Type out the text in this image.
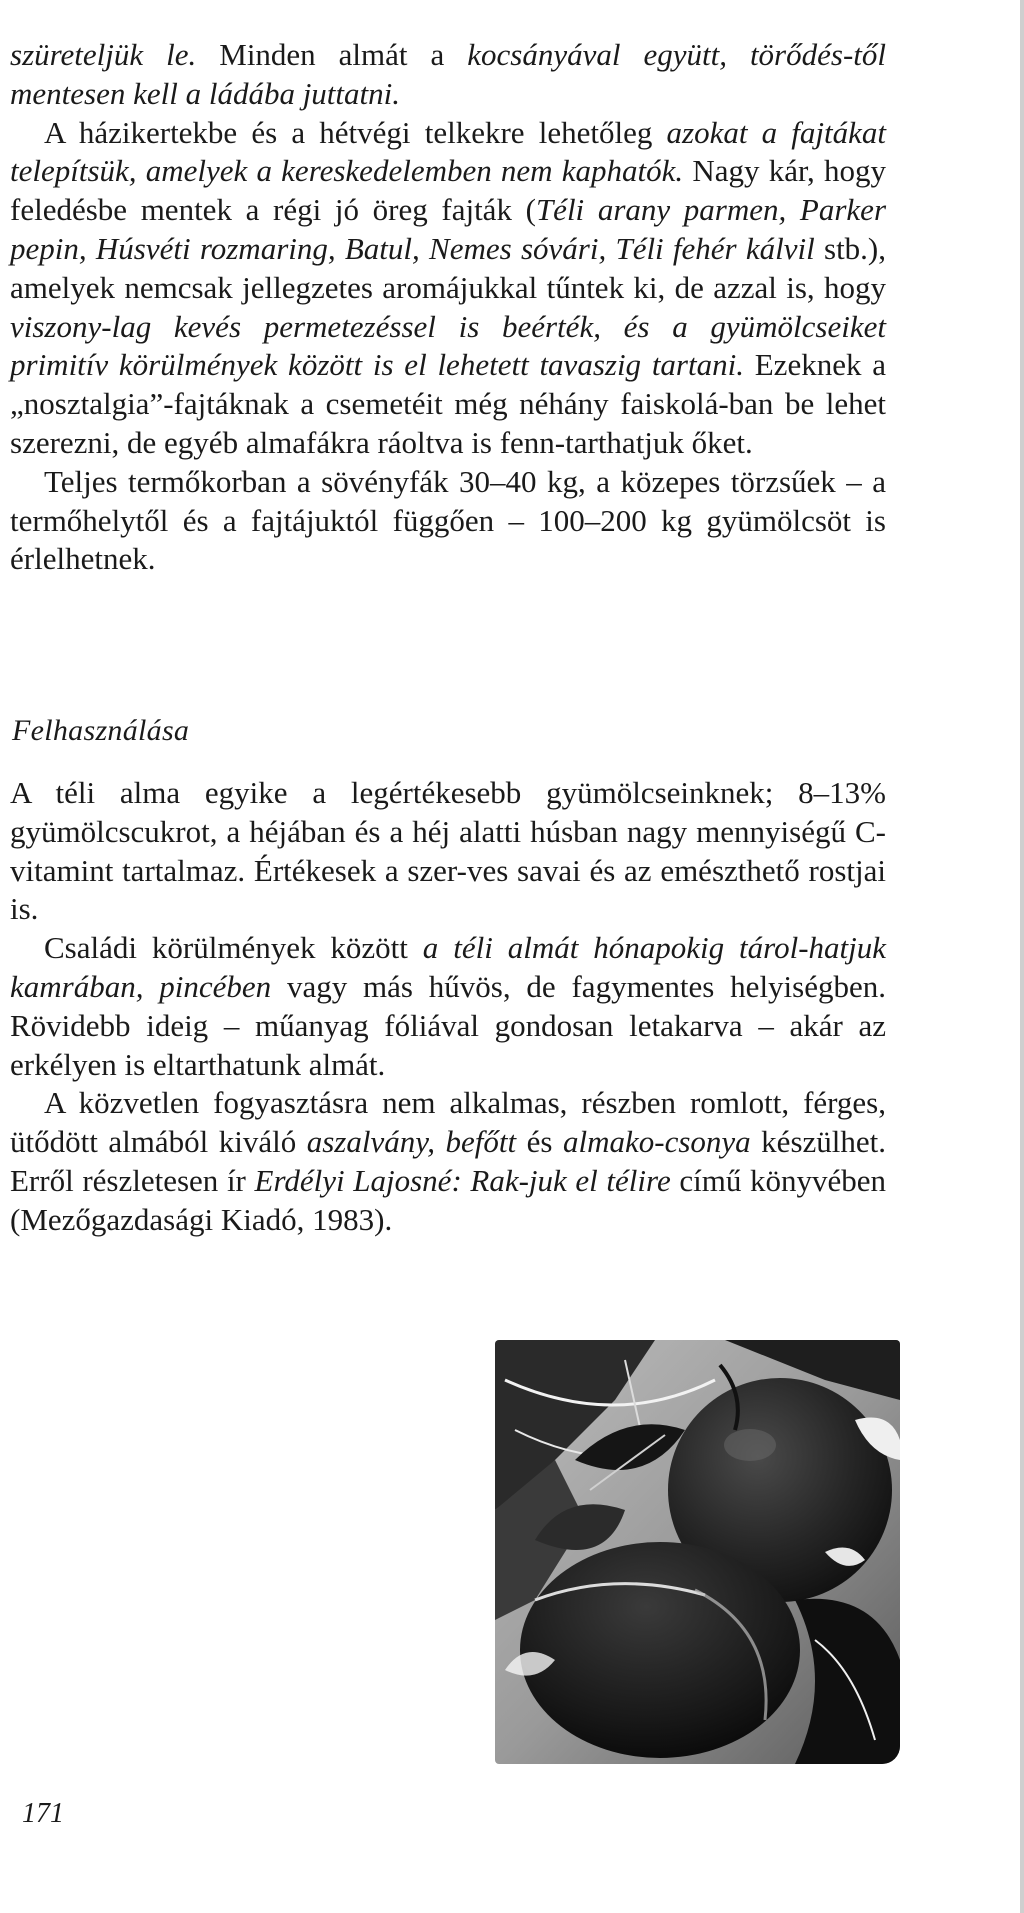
szüreteljük le. Minden almát a kocsányával együtt, törődés-től mentesen kell a ládába juttatni.

A házikertekbe és a hétvégi telkekre lehetőleg azokat a fajtákat telepítsük, amelyek a kereskedelemben nem kaphatók. Nagy kár, hogy feledésbe mentek a régi jó öreg fajták (Téli arany parmen, Parker pepin, Húsvéti rozmaring, Batul, Nemes sóvári, Téli fehér kálvil stb.), amelyek nemcsak jellegzetes aromájukkal tűntek ki, de azzal is, hogy viszony-lag kevés permetezéssel is beérték, és a gyümölcseiket primitív körülmények között is el lehetett tavaszig tartani. Ezeknek a „nosztalgia”-fajtáknak a csemetéit még néhány faiskolá-ban be lehet szerezni, de egyéb almafákra ráoltva is fenn-tarthatjuk őket.

Teljes termőkorban a sövényfák 30–40 kg, a közepes törzsűek – a termőhelytől és a fajtájuktól függően – 100–200 kg gyümölcsöt is érlelhetnek.

Felhasználása

A téli alma egyike a legértékesebb gyümölcseinknek; 8–13% gyümölcscukrot, a héjában és a héj alatti húsban nagy mennyiségű C-vitamint tartalmaz. Értékesek a szer-ves savai és az emészthető rostjai is.

Családi körülmények között a téli almát hónapokig tárol-hatjuk kamrában, pincében vagy más hűvös, de fagymentes helyiségben. Rövidebb ideig – műanyag fóliával gondosan letakarva – akár az erkélyen is eltarthatunk almát.

A közvetlen fogyasztásra nem alkalmas, részben romlott, férges, ütődött almából kiváló aszalvány, befőtt és almako-csonya készülhet. Erről részletesen ír Erdélyi Lajosné: Rak-juk el télire című könyvében (Mezőgazdasági Kiadó, 1983).

171
